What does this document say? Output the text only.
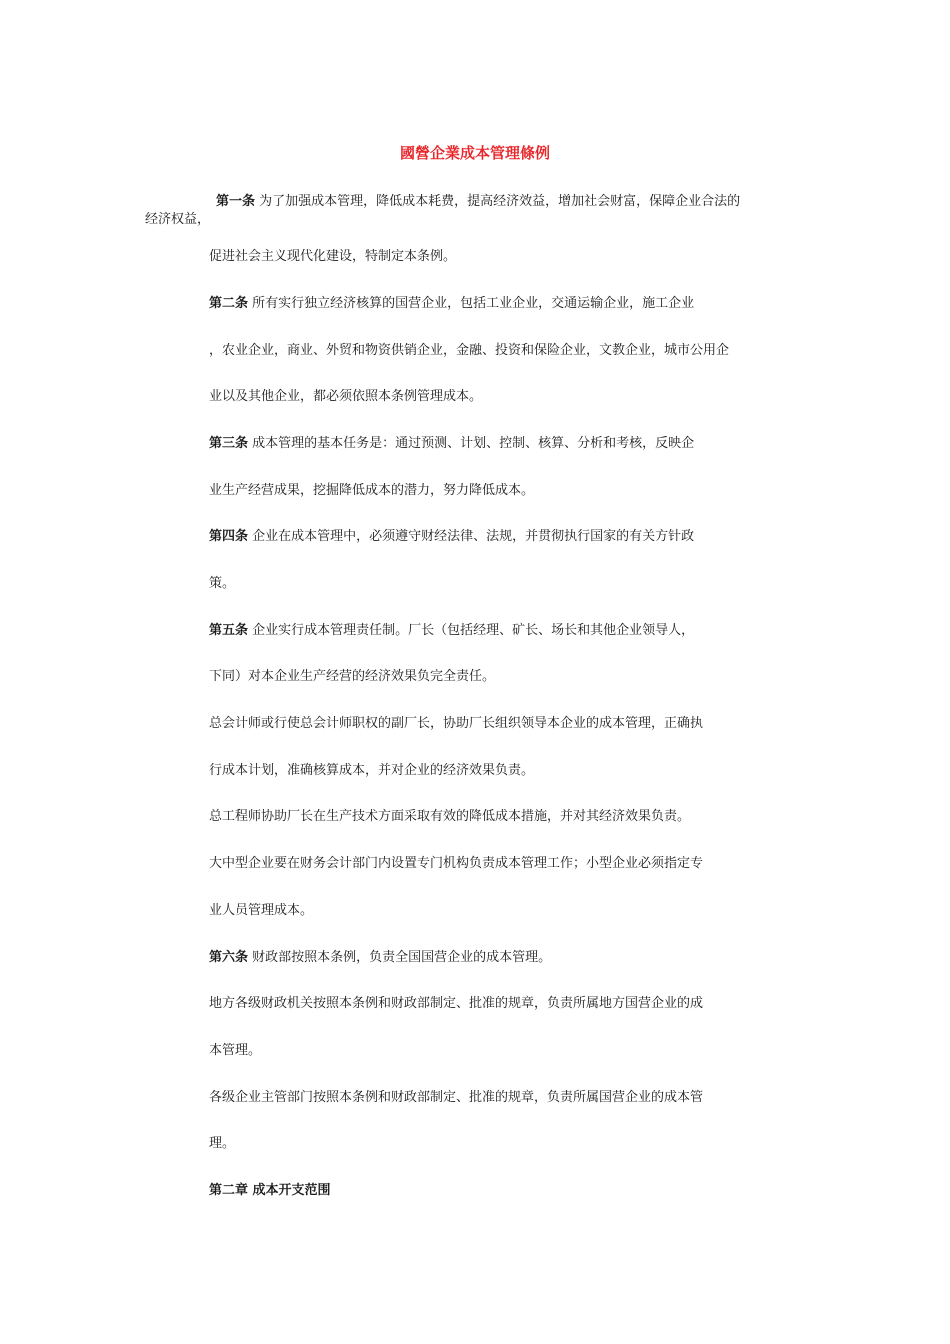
國營企業成本管理條例
第一条 为了加强成本管理，降低成本耗费，提高经济效益，增加社会财富，保障企业合法的
经济权益，
促进社会主义现代化建设，特制定本条例。
第二条 所有实行独立经济核算的国营企业，包括工业企业，交通运输企业，施工企业
，农业企业，商业、外贸和物资供销企业，金融、投资和保险企业，文教企业，城市公用企
业以及其他企业，都必须依照本条例管理成本。
第三条 成本管理的基本任务是：通过预测、计划、控制、核算、分析和考核，反映企
业生产经营成果，挖掘降低成本的潜力，努力降低成本。
第四条 企业在成本管理中，必须遵守财经法律、法规，并贯彻执行国家的有关方针政
策。
第五条 企业实行成本管理责任制。厂长（包括经理、矿长、场长和其他企业领导人，
下同）对本企业生产经营的经济效果负完全责任。
总会计师或行使总会计师职权的副厂长，协助厂长组织领导本企业的成本管理，正确执
行成本计划，准确核算成本，并对企业的经济效果负责。
总工程师协助厂长在生产技术方面采取有效的降低成本措施，并对其经济效果负责。
大中型企业要在财务会计部门内设置专门机构负责成本管理工作；小型企业必须指定专
业人员管理成本。
第六条 财政部按照本条例，负责全国国营企业的成本管理。
地方各级财政机关按照本条例和财政部制定、批准的规章，负责所属地方国营企业的成
本管理。
各级企业主管部门按照本条例和财政部制定、批准的规章，负责所属国营企业的成本管
理。
第二章 成本开支范围
